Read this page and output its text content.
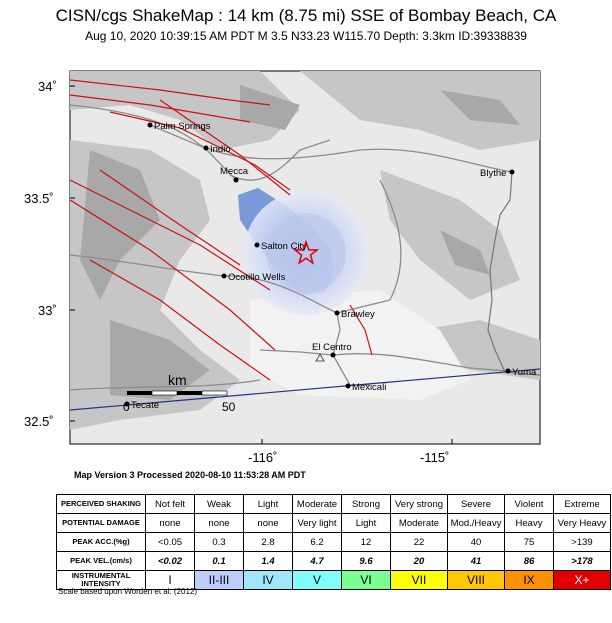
CISN/cgs ShakeMap : 14 km (8.75 mi) SSE of Bombay Beach, CA
Aug 10, 2020 10:39:15 AM PDT M 3.5 N33.23 W115.70 Depth: 3.3km ID:39338839
Palm Springs
Indio
Mecca	Blythe
Salton City
Ocotillo Wells
Brawley
El Centro
Mexicali
Yuma
Tecate
km
0	50
34˚
33.5˚
33˚
32.5˚
-116˚	-115˚
Map Version 3 Processed 2020-08-10 11:53:28 AM PDT
PERCEIVED SHAKING	Not felt	Weak	Light	Moderate	Strong	Very strong	Severe	Violent	Extreme
POTENTIAL DAMAGE	none	none	none	Very light	Light	Moderate	Mod./Heavy	Heavy	Very Heavy
PEAK ACC.(%g)	<0.05	0.3	2.8	6.2	12	22	40	75	>139
PEAK VEL.(cm/s)	<0.02	0.1	1.4	4.7	9.6	20	41	86	>178
INSTRUMENTAL INTENSITY	I	II-III	IV	V	VI	VII	VIII	IX	X+
Scale based upon Worden et al. (2012)
